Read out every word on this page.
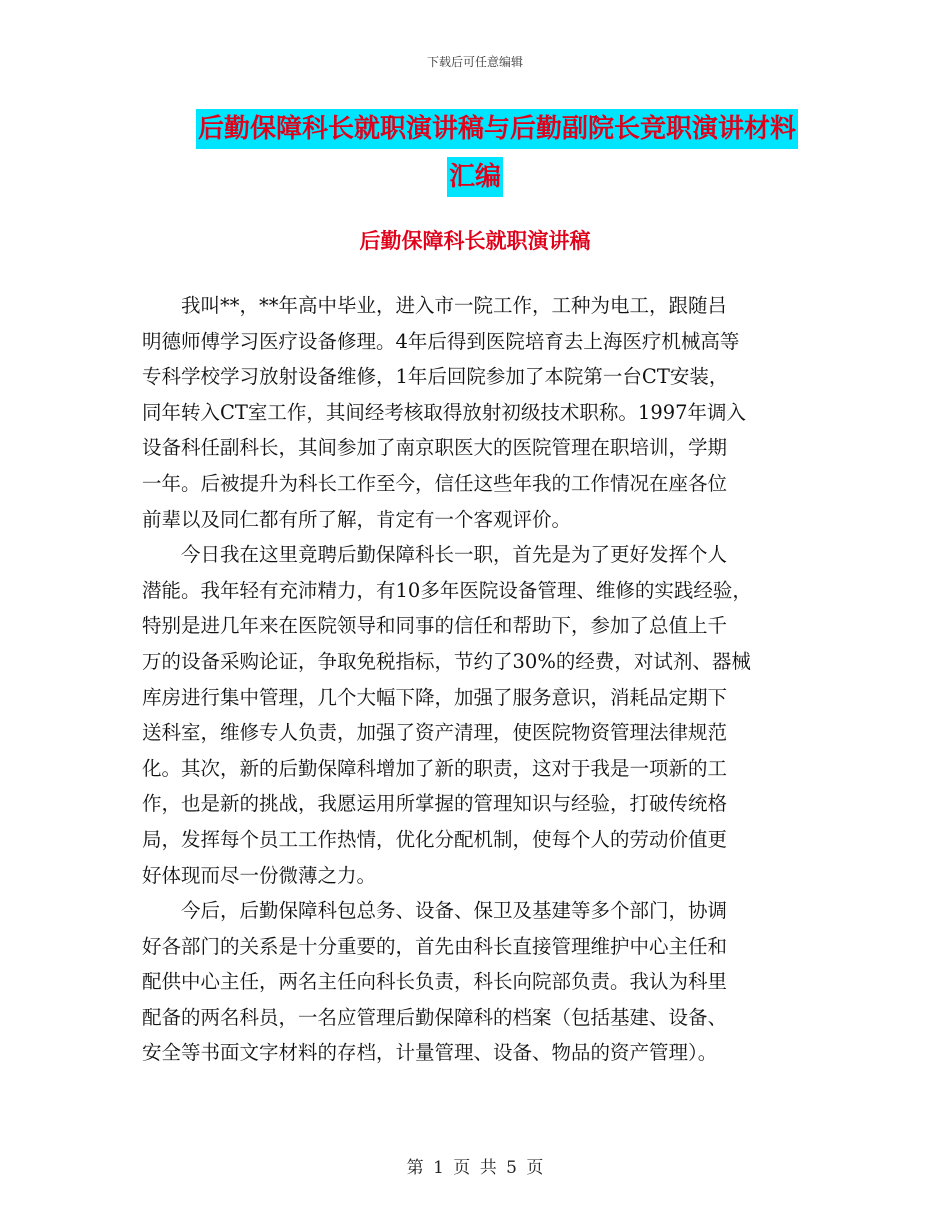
下载后可任意编辑
后勤保障科长就职演讲稿与后勤副院长竞职演讲材料
汇编
后勤保障科长就职演讲稿
　　我叫**，**年高中毕业，进入市一院工作，工种为电工，跟随吕
明德师傅学习医疗设备修理。4年后得到医院培育去上海医疗机械高等
专科学校学习放射设备维修，1年后回院参加了本院第一台CT安装，
同年转入CT室工作，其间经考核取得放射初级技术职称。1997年调入
设备科任副科长，其间参加了南京职医大的医院管理在职培训，学期
一年。后被提升为科长工作至今，信任这些年我的工作情况在座各位
前辈以及同仁都有所了解，肯定有一个客观评价。
　　今日我在这里竟聘后勤保障科长一职，首先是为了更好发挥个人
潜能。我年轻有充沛精力，有10多年医院设备管理、维修的实践经验，
特别是进几年来在医院领导和同事的信任和帮助下，参加了总值上千
万的设备采购论证，争取免税指标，节约了30%的经费，对试剂、器械
库房进行集中管理，几个大幅下降，加强了服务意识，消耗品定期下
送科室，维修专人负责，加强了资产清理，使医院物资管理法律规范
化。其次，新的后勤保障科增加了新的职责，这对于我是一项新的工
作，也是新的挑战，我愿运用所掌握的管理知识与经验，打破传统格
局，发挥每个员工工作热情，优化分配机制，使每个人的劳动价值更
好体现而尽一份微薄之力。
　　今后，后勤保障科包总务、设备、保卫及基建等多个部门，协调
好各部门的关系是十分重要的，首先由科长直接管理维护中心主任和
配供中心主任，两名主任向科长负责，科长向院部负责。我认为科里
配备的两名科员，一名应管理后勤保障科的档案（包括基建、设备、
安全等书面文字材料的存档，计量管理、设备、物品的资产管理）。
第 1 页 共 5 页
